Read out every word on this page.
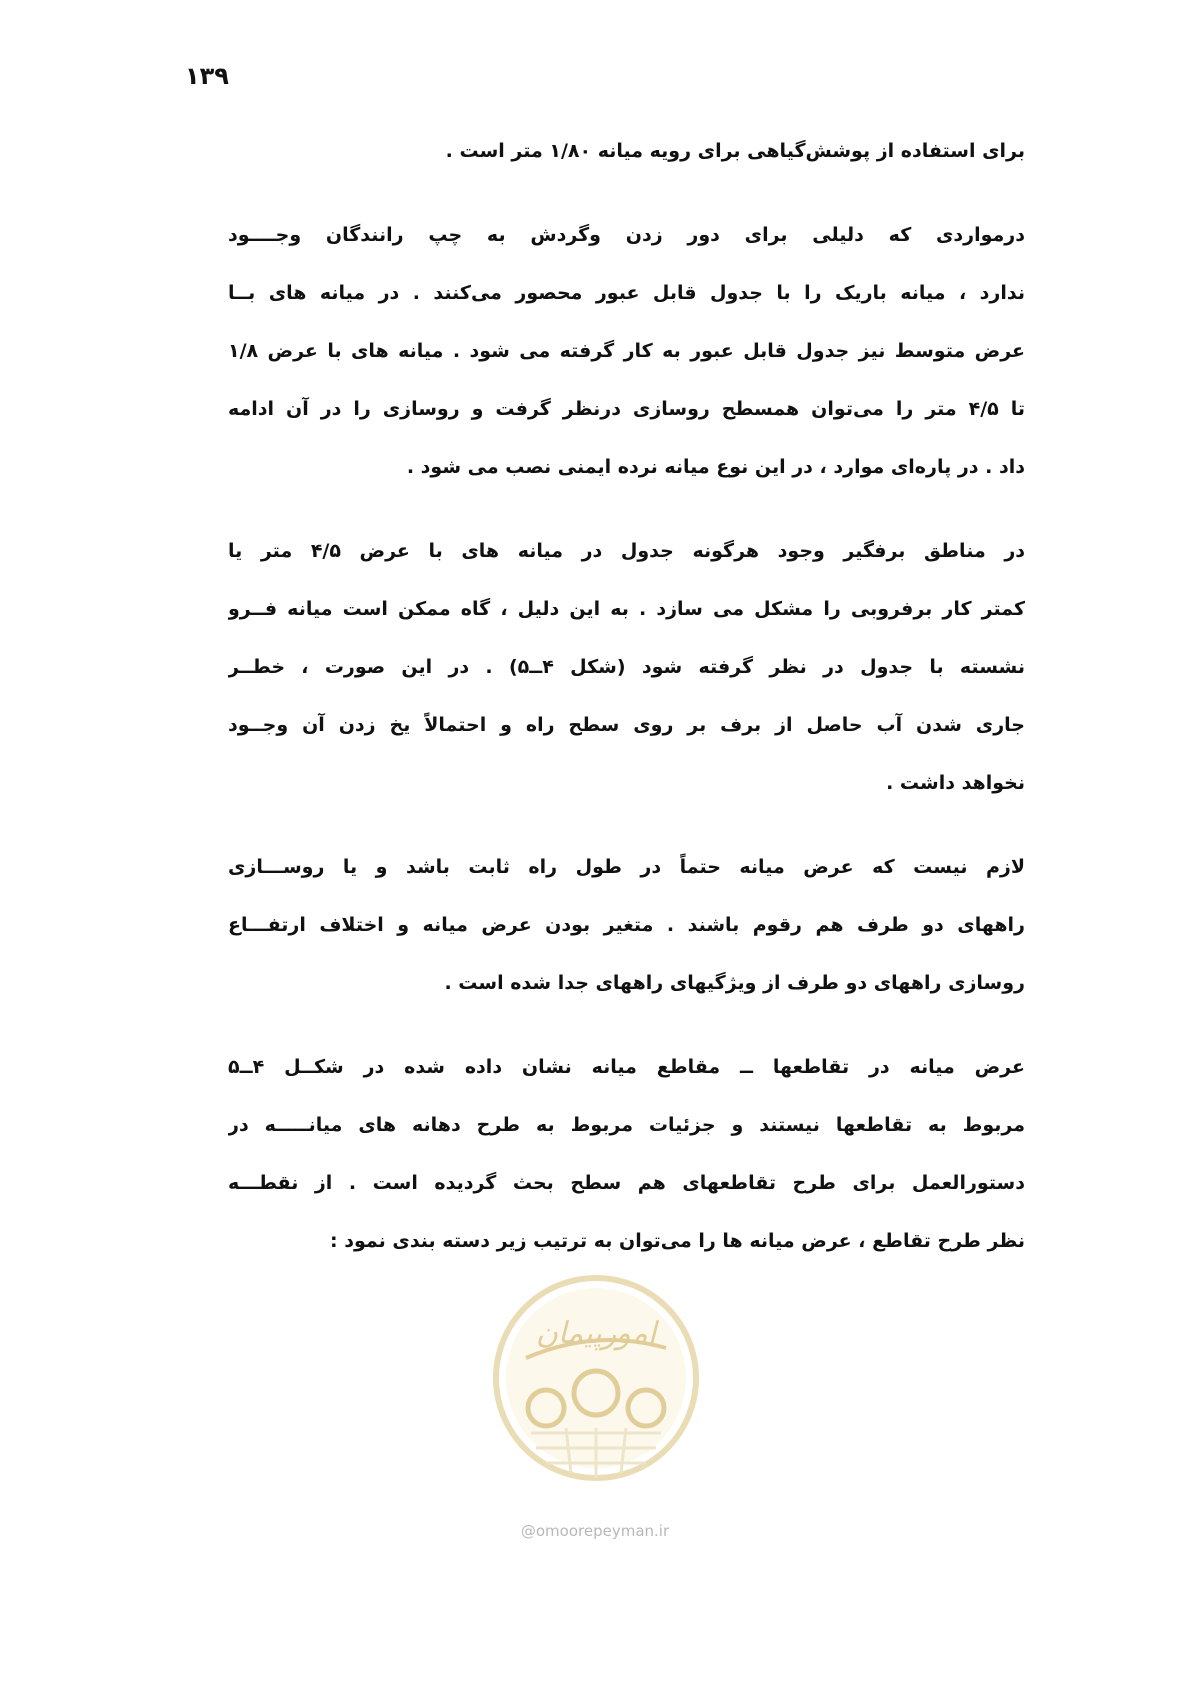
۱۳۹
برای استفاده از پوشش‌گیاهی برای رویه میانه ۱/۸۰ متر است .
درمواردی که دلیلی برای دور زدن وگردش به چپ رانندگان وجــــود
ندارد ، میانه باریک را با جدول قابل عبور محصور می‌کنند . در میانه های بــا
عرض متوسط نیز جدول قابل عبور به کار گرفته می شود . میانه های با عرض ۱/۸
تا ۴/۵ متر را می‌توان همسطح روسازی درنظر گرفت و روسازی را در آن ادامه
داد . در پاره‌ای موارد ، در این نوع میانه نرده ایمنی نصب می شود .
در مناطق برفگیر وجود هرگونه جدول در میانه های با عرض ۴/۵ متر یا
کمتر کار برفروبی را مشکل می سازد . به این دلیل ، گاه ممکن است میانه فــرو
نشسته با جدول در نظر گرفته شود (شکل ۴ــ۵) . در این صورت ، خطــر
جاری شدن آب حاصل از برف بر روی سطح راه و احتمالاً یخ زدن آن وجــود
نخواهد داشت .
لازم نیست که عرض میانه حتماً در طول راه ثابت باشد و یا روســـازی
راههای دو طرف هم رقوم باشند . متغیر بودن عرض میانه و اختلاف ارتفـــاع
روسازی راههای دو طرف از ویژگیهای راههای جدا شده است .
عرض میانه در تقاطعها ــ مقاطع میانه نشان داده شده در شکــل ۴ــ۵
مربوط به تقاطعها نیستند و جزئیات مربوط به طرح دهانه های میانـــــه در
دستورالعمل برای طرح تقاطعهای هم سطح بحث گردیده است . از نقطـــه
نظر طرح تقاطع ، عرض میانه ها را می‌توان به ترتیب زیر دسته بندی نمود :
امورپیمان
@omoorepeyman.ir
